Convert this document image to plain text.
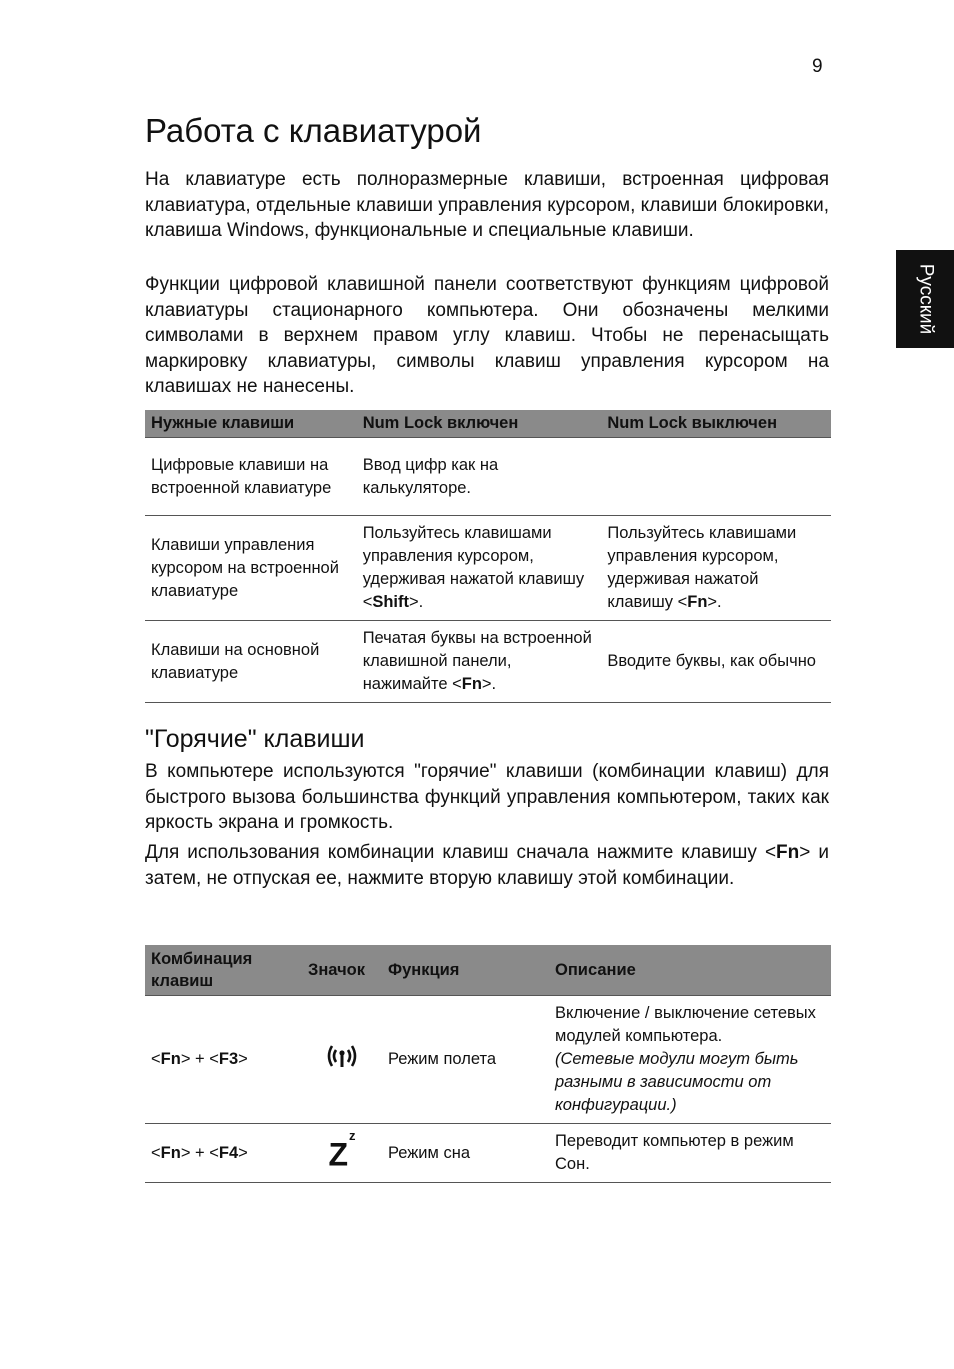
9
Русский
Работа с клавиатурой

На клавиатуре есть полноразмерные клавиши, встроенная цифровая клавиатура, отдельные клавиши управления курсором, клавиши блокировки, клавиша Windows, функциональные и специальные клавиши.

Функции цифровой клавишной панели соответствуют функциям цифровой клавиатуры стационарного компьютера. Они обозначены мелкими символами в верхнем правом углу клавиш. Чтобы не перенасыщать маркировку клавиатуры, символы клавиш управления курсором на клавишах не нанесены.

Нужные клавиши	Num Lock включен	Num Lock выключен
Цифровые клавиши на встроенной клавиатуре	Ввод цифр как на калькуляторе.	
Клавиши управления курсором на встроенной клавиатуре	Пользуйтесь клавишами управления курсором, удерживая нажатой клавишу <Shift>.	Пользуйтесь клавишами управления курсором, удерживая нажатой клавишу <Fn>.
Клавиши на основной клавиатуре	Печатая буквы на встроенной клавишной панели, нажимайте <Fn>.	Вводите буквы, как обычно
"Горячие" клавиши

В компьютере используются "горячие" клавиши (комбинации клавиш) для быстрого вызова большинства функций управления компьютером, таких как яркость экрана и громкость.

Для использования комбинации клавиш сначала нажмите клавишу <Fn> и затем, не отпуская ее, нажмите вторую клавишу этой комбинации.

Комбинация клавиш	Значок	Функция	Описание
<Fn> + <F3>		Режим полета	Включение / выключение сетевых модулей компьютера.
(Сетевые модули могут быть разными в зависимости от конфигурации.)
<Fn> + <F4>	$Z^z$	Режим сна	Переводит компьютер в режим Сон.
